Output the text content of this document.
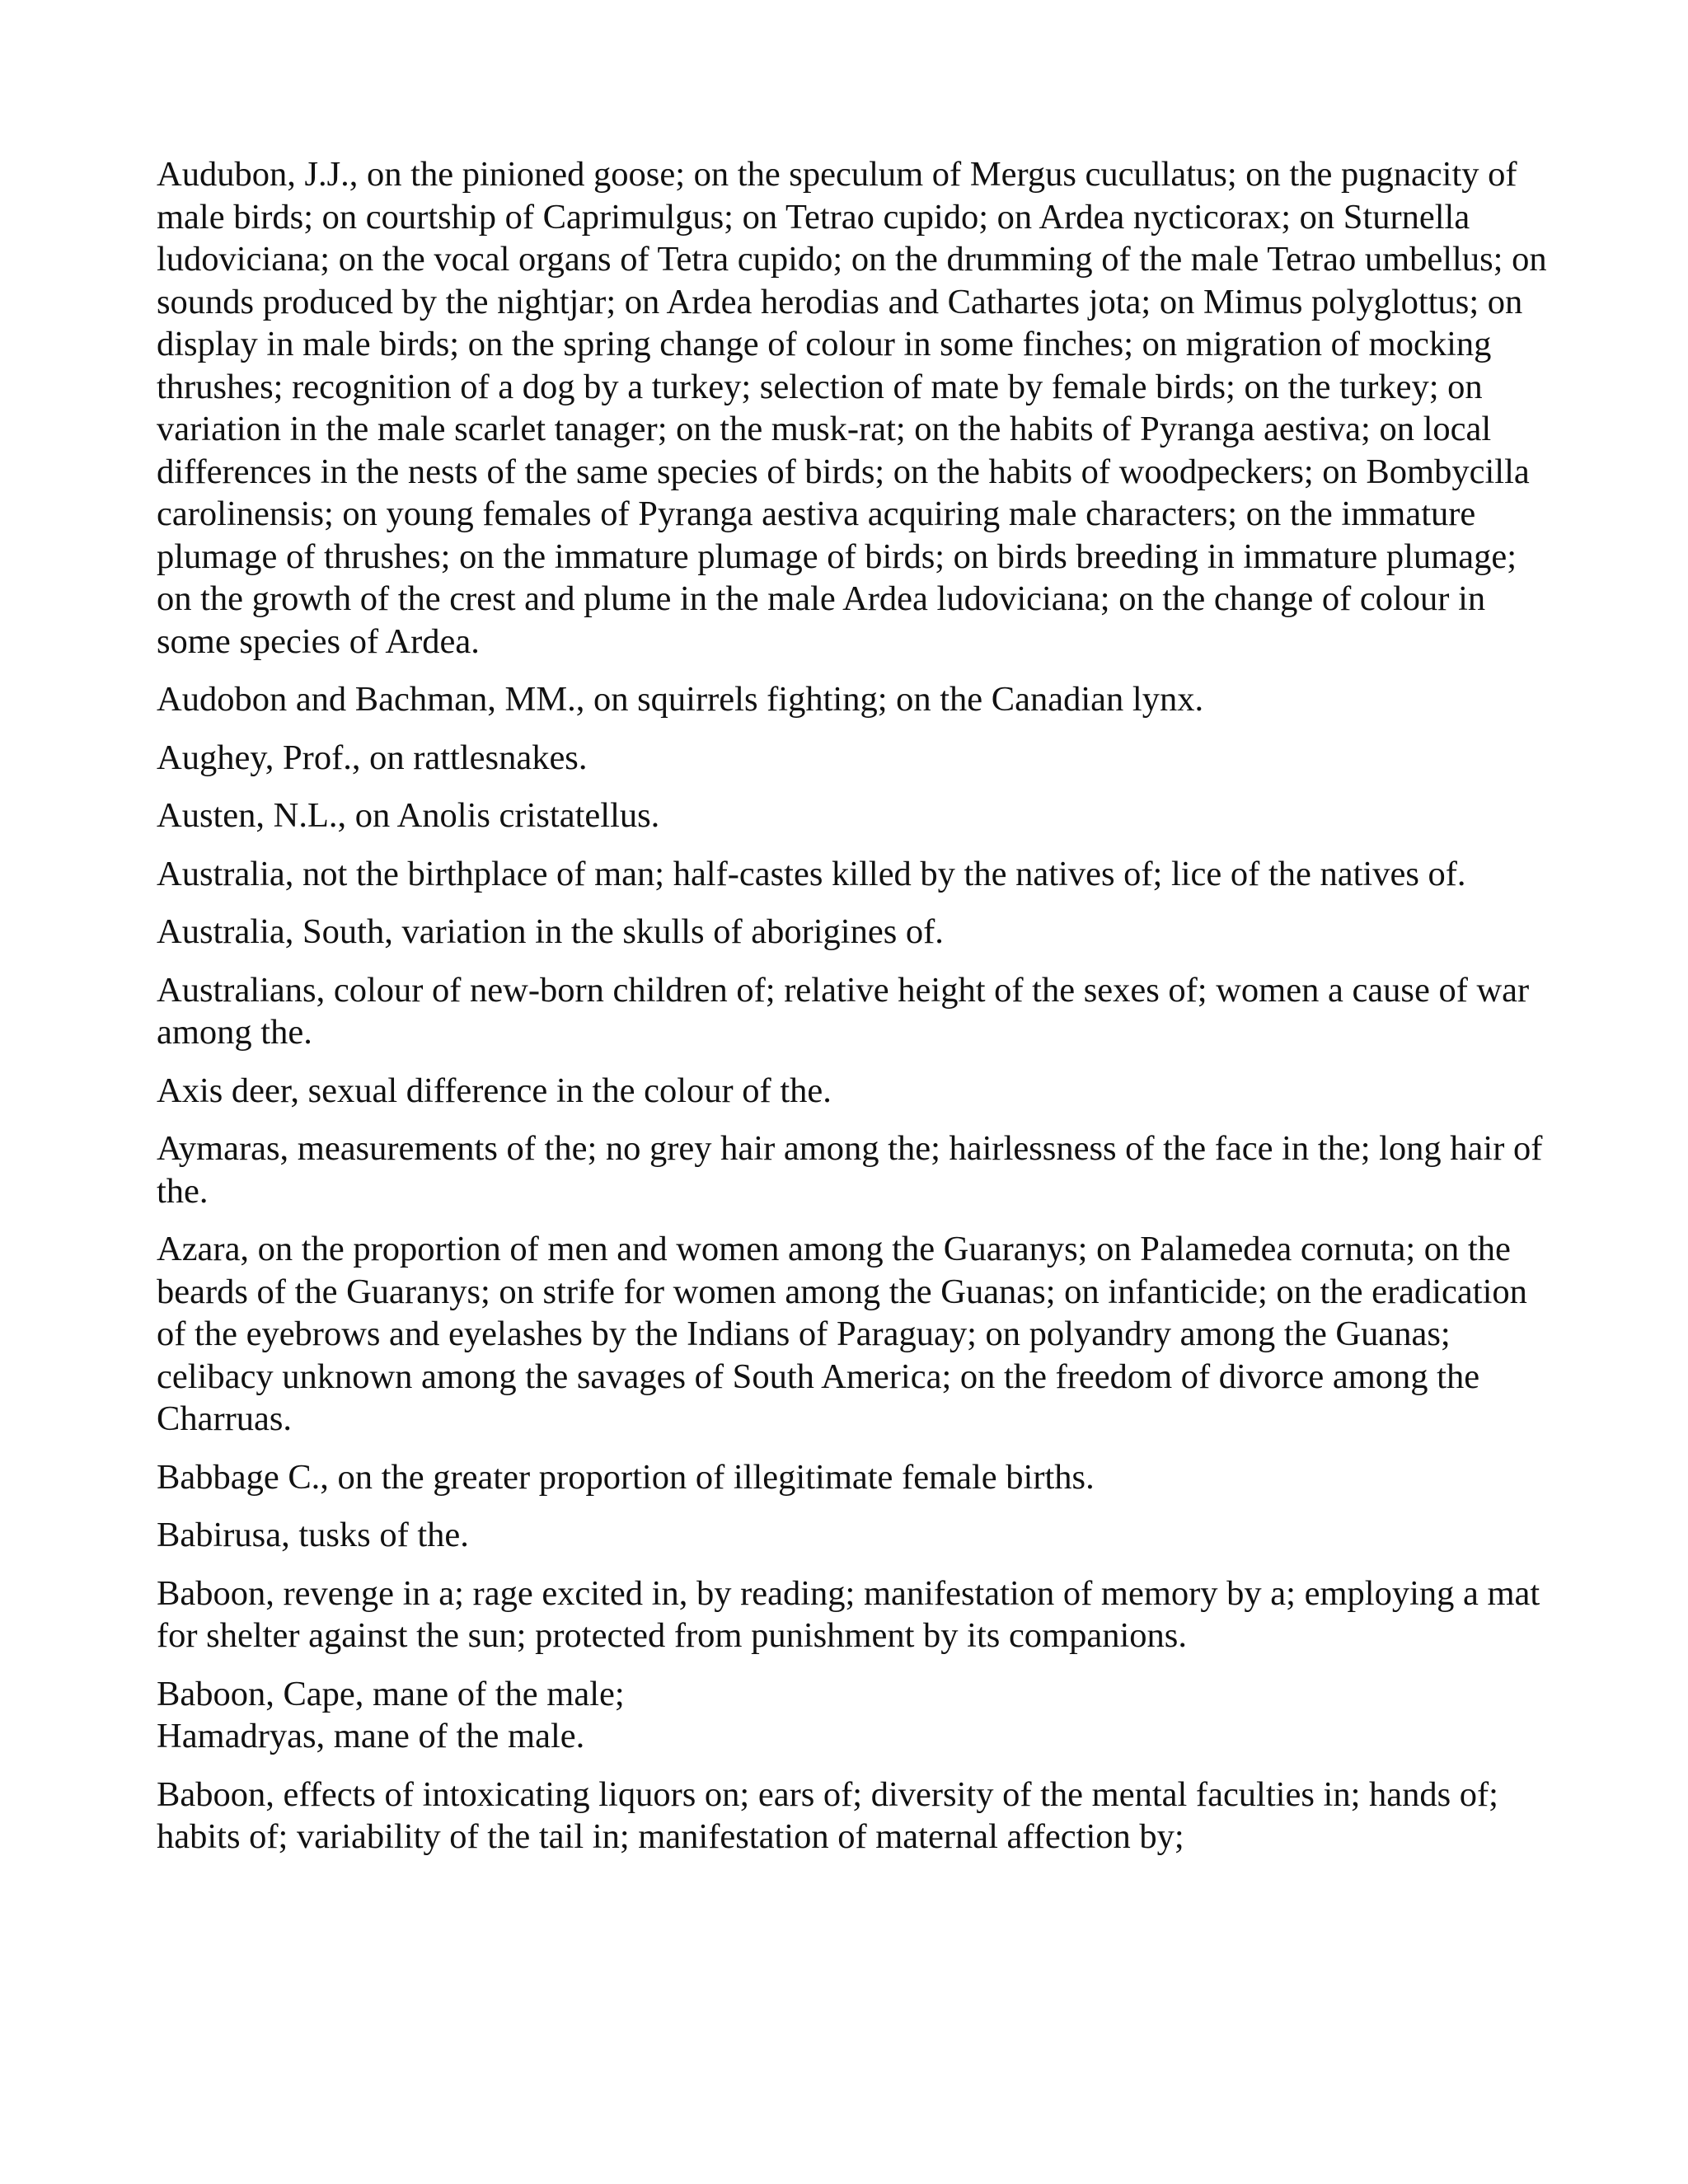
Audubon, J.J., on the pinioned goose; on the speculum of Mergus cucullatus; on the pugnacity of male birds; on courtship of Caprimulgus; on Tetrao cupido; on Ardea nycticorax; on Sturnella ludoviciana; on the vocal organs of Tetra cupido; on the drumming of the male Tetrao umbellus; on sounds produced by the nightjar; on Ardea herodias and Cathartes jota; on Mimus polyglottus; on display in male birds; on the spring change of colour in some finches; on migration of mocking thrushes; recognition of a dog by a turkey; selection of mate by female birds; on the turkey; on variation in the male scarlet tanager; on the musk-rat; on the habits of Pyranga aestiva; on local differences in the nests of the same species of birds; on the habits of woodpeckers; on Bombycilla carolinensis; on young females of Pyranga aestiva acquiring male characters; on the immature plumage of thrushes; on the immature plumage of birds; on birds breeding in immature plumage; on the growth of the crest and plume in the male Ardea ludoviciana; on the change of colour in some species of Ardea.

Audobon and Bachman, MM., on squirrels fighting; on the Canadian lynx.

Aughey, Prof., on rattlesnakes.

Austen, N.L., on Anolis cristatellus.

Australia, not the birthplace of man; half-castes killed by the natives of; lice of the natives of.

Australia, South, variation in the skulls of aborigines of.

Australians, colour of new-born children of; relative height of the sexes of; women a cause of war among the.

Axis deer, sexual difference in the colour of the.

Aymaras, measurements of the; no grey hair among the; hairlessness of the face in the; long hair of the.

Azara, on the proportion of men and women among the Guaranys; on Palamedea cornuta; on the beards of the Guaranys; on strife for women among the Guanas; on infanticide; on the eradication of the eyebrows and eyelashes by the Indians of Paraguay; on polyandry among the Guanas; celibacy unknown among the savages of South America; on the freedom of divorce among the Charruas.

Babbage C., on the greater proportion of illegitimate female births.

Babirusa, tusks of the.

Baboon, revenge in a; rage excited in, by reading; manifestation of memory by a; employing a mat for shelter against the sun; protected from punishment by its companions.

Baboon, Cape, mane of the male;
Hamadryas, mane of the male.

Baboon, effects of intoxicating liquors on; ears of; diversity of the mental faculties in; hands of; habits of; variability of the tail in; manifestation of maternal affection by;
